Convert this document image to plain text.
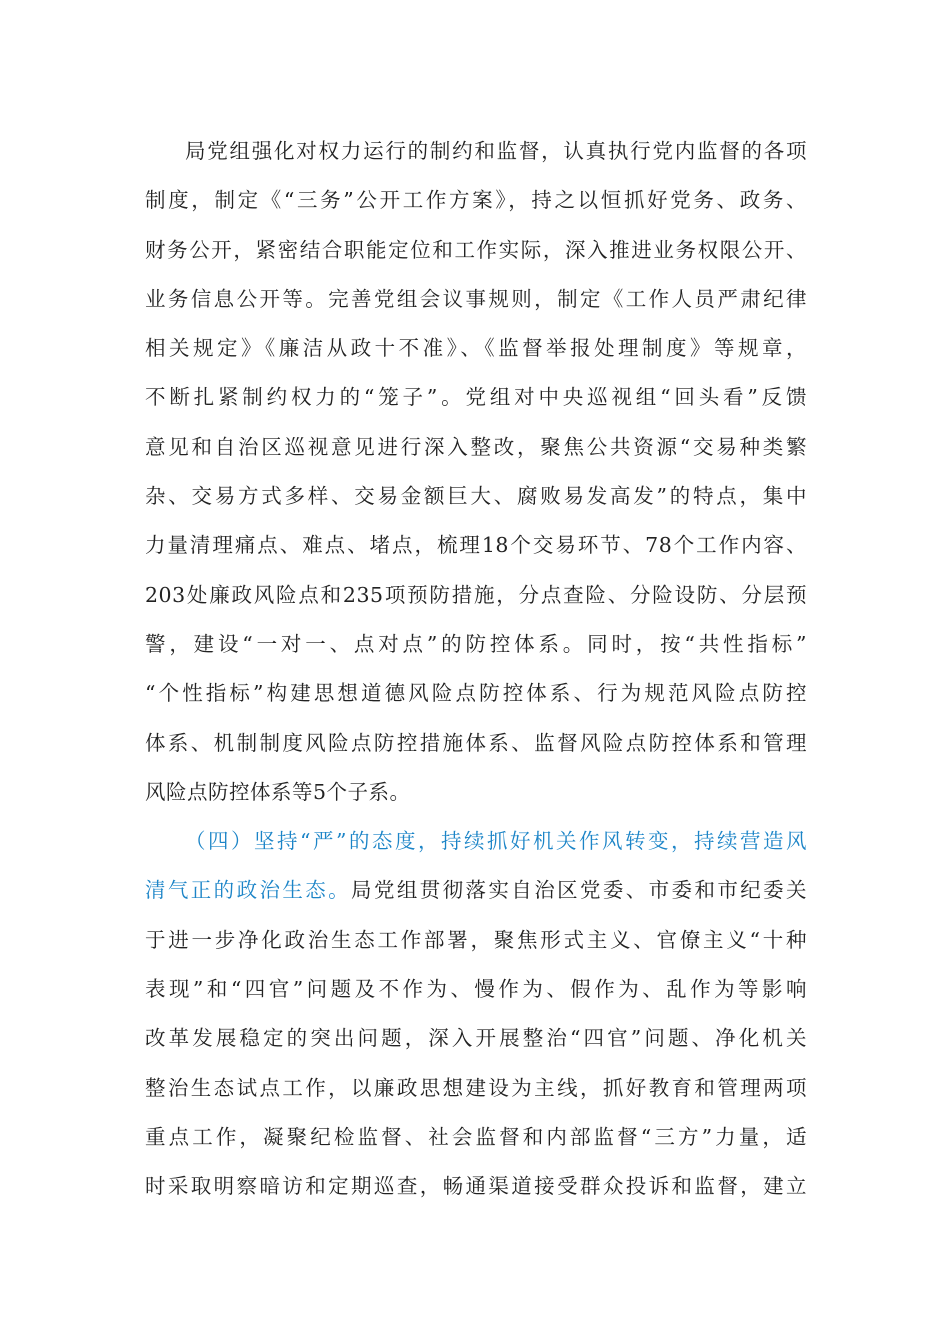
局党组强化对权力运行的制约和监督，认真执行党内监督的各项
制度，制定《“三务”公开工作方案》，持之以恒抓好党务、政务、
财务公开，紧密结合职能定位和工作实际，深入推进业务权限公开、
业务信息公开等。完善党组会议事规则，制定《工作人员严肃纪律
相关规定》《廉洁从政十不准》、《监督举报处理制度》等规章，
不断扎紧制约权力的“笼子”。党组对中央巡视组“回头看”反馈
意见和自治区巡视意见进行深入整改，聚焦公共资源“交易种类繁
杂、交易方式多样、交易金额巨大、腐败易发高发”的特点，集中
力量清理痛点、难点、堵点，梳理18个交易环节、78个工作内容、
203处廉政风险点和235项预防措施，分点查险、分险设防、分层预
警，建设“一对一、点对点”的防控体系。同时，按“共性指标”
“个性指标”构建思想道德风险点防控体系、行为规范风险点防控
体系、机制制度风险点防控措施体系、监督风险点防控体系和管理
风险点防控体系等5个子系。
（四）坚持“严”的态度，持续抓好机关作风转变，持续营造风
清气正的政治生态。局党组贯彻落实自治区党委、市委和市纪委关
于进一步净化政治生态工作部署，聚焦形式主义、官僚主义“十种
表现”和“四官”问题及不作为、慢作为、假作为、乱作为等影响
改革发展稳定的突出问题，深入开展整治“四官”问题、净化机关
整治生态试点工作，以廉政思想建设为主线，抓好教育和管理两项
重点工作，凝聚纪检监督、社会监督和内部监督“三方”力量，适
时采取明察暗访和定期巡查，畅通渠道接受群众投诉和监督，建立
